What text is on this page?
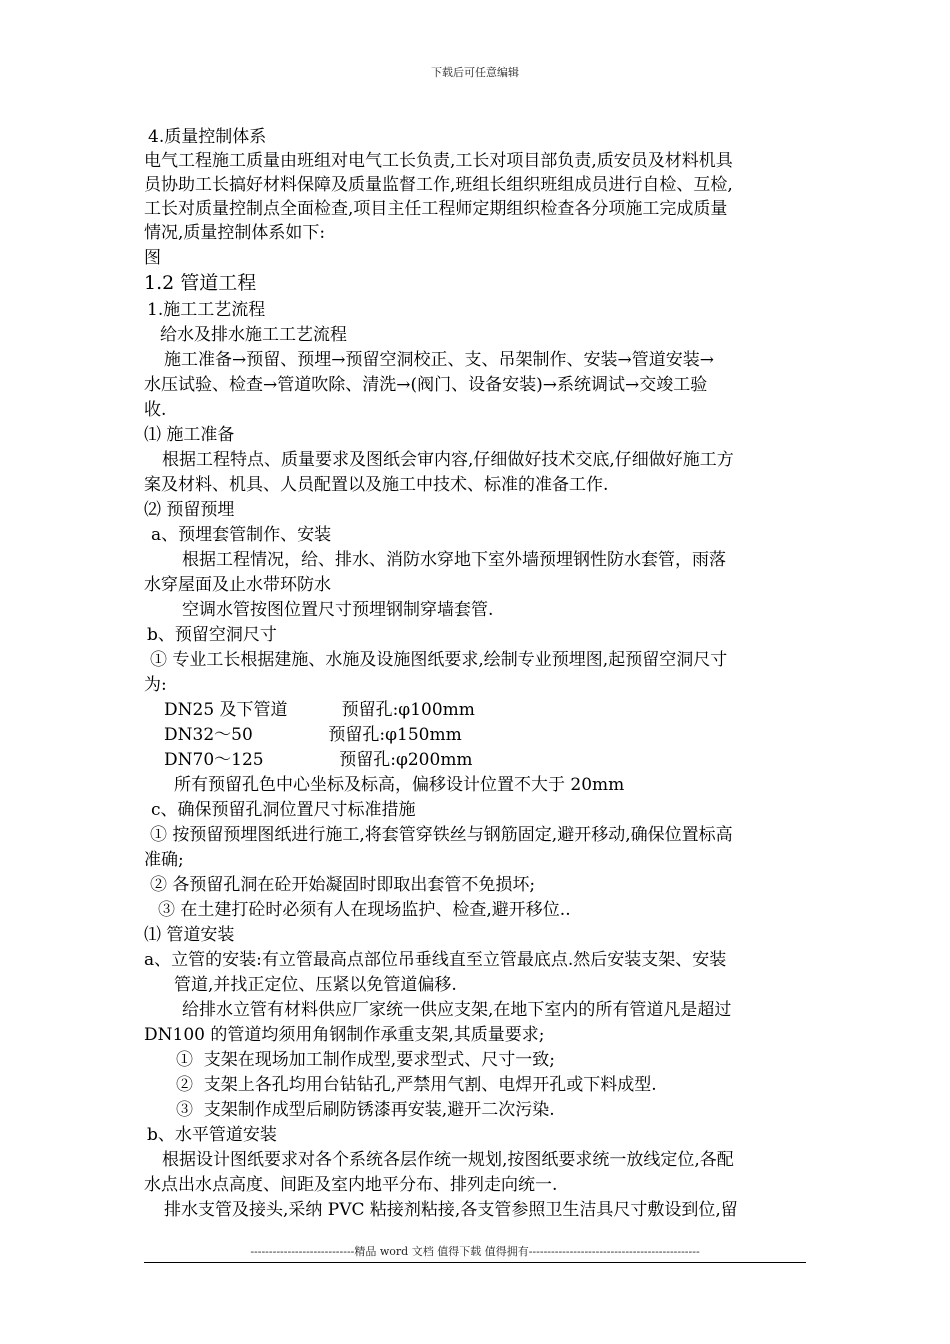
下载后可任意编辑
4.质量控制体系
电气工程施工质量由班组对电气工长负责,工长对项目部负责,质安员及材料机具
员协助工长搞好材料保障及质量监督工作,班组长组织班组成员进行自检、互检,
工长对质量控制点全面检查,项目主任工程师定期组织检查各分项施工完成质量
情况,质量控制体系如下:
图
1.2 管道工程
1.施工工艺流程
给水及排水施工工艺流程
施工准备→预留、预埋→预留空洞校正、支、吊架制作、安装→管道安装→
水压试验、检查→管道吹除、清洗→(阀门、设备安装)→系统调试→交竣工验
收.
⑴ 施工准备
根据工程特点、质量要求及图纸会审内容,仔细做好技术交底,仔细做好施工方
案及材料、机具、人员配置以及施工中技术、标准的准备工作.
⑵ 预留预埋
a、预埋套管制作、安装
根据工程情况，给、排水、消防水穿地下室外墙预埋钢性防水套管，雨落
水穿屋面及止水带环防水
空调水管按图位置尺寸预埋钢制穿墙套管.
b、预留空洞尺寸
① 专业工长根据建施、水施及设施图纸要求,绘制专业预埋图,起预留空洞尺寸
为:
DN25 及下管道          预留孔:φ100mm
DN32～50              预留孔:φ150mm
DN70～125              预留孔:φ200mm
所有预留孔色中心坐标及标高，偏移设计位置不大于 20mm
c、确保预留孔洞位置尺寸标准措施
① 按预留预埋图纸进行施工,将套管穿铁丝与钢筋固定,避开移动,确保位置标高
准确;
② 各预留孔洞在砼开始凝固时即取出套管不免损坏;
③ 在土建打砼时必须有人在现场监护、检查,避开移位..
⑴ 管道安装
a、立管的安装:有立管最高点部位吊垂线直至立管最底点.然后安装支架、安装
管道,并找正定位、压紧以免管道偏移.
给排水立管有材料供应厂家统一供应支架,在地下室内的所有管道凡是超过
DN100 的管道均须用角钢制作承重支架,其质量要求;
①  支架在现场加工制作成型,要求型式、尺寸一致;
②  支架上各孔均用台钻钻孔,严禁用气割、电焊开孔或下料成型.
③  支架制作成型后刷防锈漆再安装,避开二次污染.
b、水平管道安装
根据设计图纸要求对各个系统各层作统一规划,按图纸要求统一放线定位,各配
水点出水点高度、间距及室内地平分布、排列走向统一.
排水支管及接头,采纳 PVC 粘接剂粘接,各支管参照卫生洁具尺寸敷设到位,留
----------------------------精品 word 文档 值得下载 值得拥有----------------------------------------------
